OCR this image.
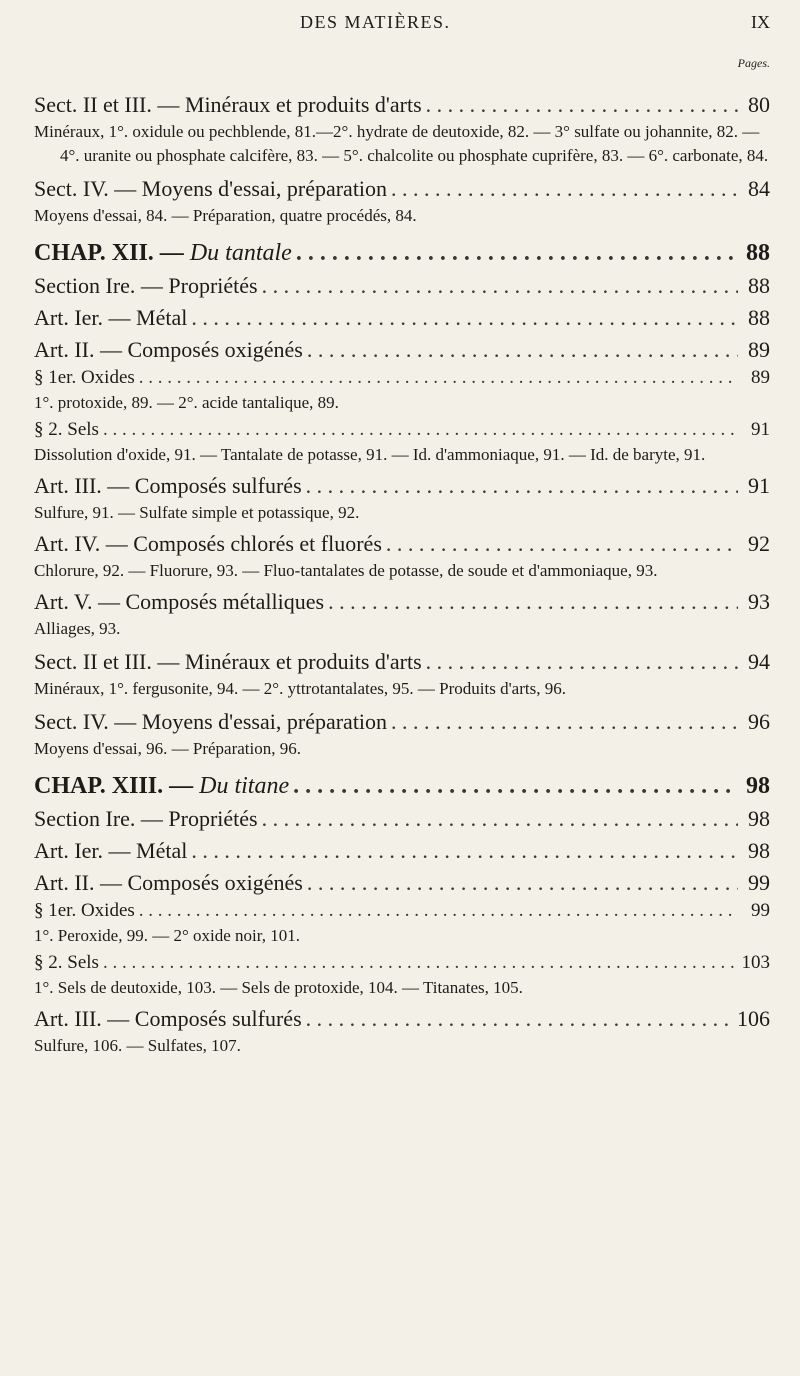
DES MATIÈRES.	IX
Pages.
Sect. II et III. — Minéraux et produits d'arts . . .	80
Minéraux, 1°. oxidule ou pechblende, 81.—2°. hydrate de deutoxide, 82. — 3° sulfate ou johannite, 82. — 4°. uranite ou phosphate calcifère, 83. — 5°. chalcolite ou phosphate cuprifère, 83. — 6°. carbonate, 84.
Sect. IV. — Moyens d'essai, préparation . . .	84
Moyens d'essai, 84. — Préparation, quatre procédés, 84.
CHAP. XII. — Du tantale . . .	88
Section Ire. — Propriétés . . .	88
Art. Ier. — Métal . . .	88
Art. II. — Composés oxigénés . . .	89
§ 1er. Oxides . . .	89
1°. protoxide, 89. — 2°. acide tantalique, 89.
§ 2. Sels . . .	91
Dissolution d'oxide, 91. — Tantalate de potasse, 91. — Id. d'ammoniaque, 91. — Id. de baryte, 91.
Art. III. — Composés sulfurés . . .	91
Sulfure, 91. — Sulfate simple et potassique, 92.
Art. IV. — Composés chlorés et fluorés . . .	92
Chlorure, 92. — Fluorure, 93. — Fluo-tantalates de potasse, de soude et d'ammoniaque, 93.
Art. V. — Composés métalliques . . .	93
Alliages, 93.
Sect. II et III. — Minéraux et produits d'arts . . .	94
Minéraux, 1°. fergusonite, 94. — 2°. yttrotantalates, 95. — Produits d'arts, 96.
Sect. IV. — Moyens d'essai, préparation . . .	96
Moyens d'essai, 96. — Préparation, 96.
CHAP. XIII. — Du titane . . .	98
Section Ire. — Propriétés . . .	98
Art. Ier. — Métal . . .	98
Art. II. — Composés oxigénés . . .	99
§ 1er. Oxides . . .	99
1°. Peroxide, 99. — 2° oxide noir, 101.
§ 2. Sels . . .	103
1°. Sels de deutoxide, 103. — Sels de protoxide, 104. — Titanates, 105.
Art. III. — Composés sulfurés . . .	106
Sulfure, 106. — Sulfates, 107.
